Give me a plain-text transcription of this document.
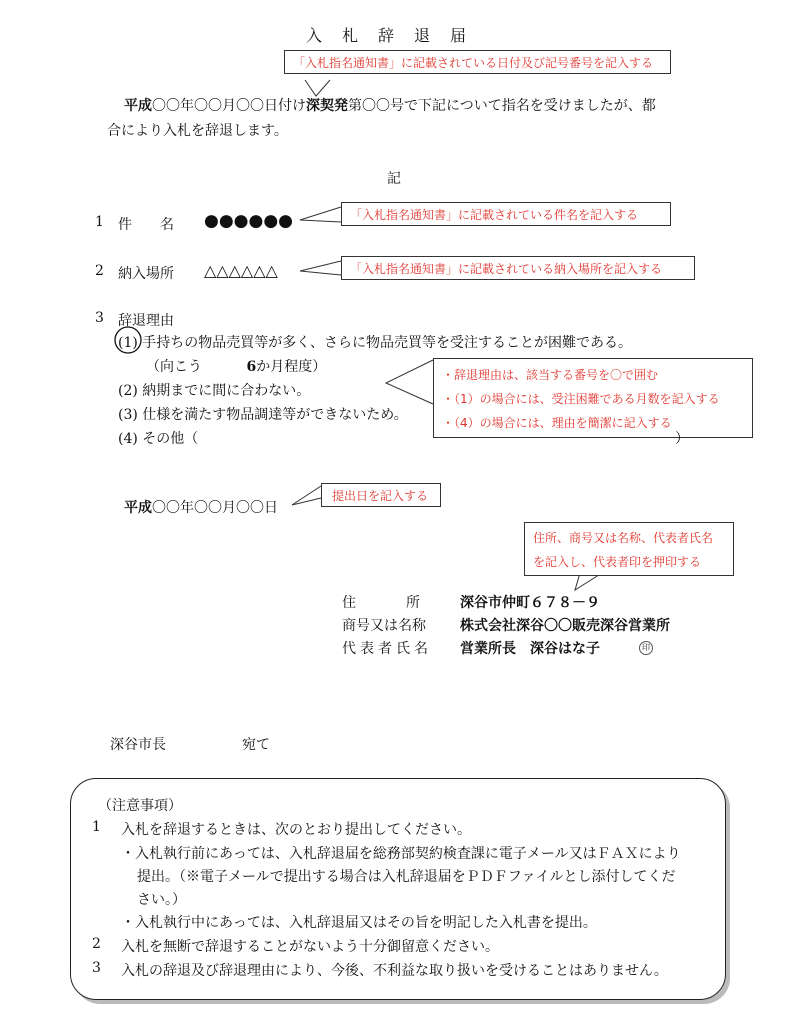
入　札　辞　退　届
「入札指名通知書」に記載されている日付及び記号番号を記入する
「入札指名通知書」に記載されている件名を記入する
「入札指名通知書」に記載されている納入場所を記入する
・辞退理由は、該当する番号を〇で囲む
・（1）の場合には、受注困難である月数を記入する
・（4）の場合には、理由を簡潔に記入する
提出日を記入する
住所、商号又は名称、代表者氏名
を記入し、代表者印を押印する
平成〇〇年〇〇月〇〇日付け深契発第〇〇号で下記について指名を受けましたが、都
合により入札を辞退します。
記
1 件　　名 ●●●●●●
2 納入場所 △△△△△△
3 辞退理由
(1) 手持ちの物品売買等が多く、さらに物品売買等を受注することが困難である。
（向こう	6か月程度）
(2) 納期までに間に合わない。
(3) 仕様を満たす物品調達等ができないため。
(4) その他（	）
平成〇〇年〇〇月〇〇日
住　　　所	深谷市仲町６７８－９
商号又は名称 株式会社深谷〇〇販売深谷営業所
代表者氏名 営業所長　深谷はな子	印
深谷市長	宛て
（注意事項）
1 入札を辞退するときは、次のとおり提出してください。
・入札執行前にあっては、入札辞退届を総務部契約検査課に電子メール又はＦＡＸにより
提出。（※電子メールで提出する場合は入札辞退届をＰＤＦファイルとし添付してくだ
さい。）
・入札執行中にあっては、入札辞退届又はその旨を明記した入札書を提出。
2 入札を無断で辞退することがないよう十分御留意ください。
3 入札の辞退及び辞退理由により、今後、不利益な取り扱いを受けることはありません。
